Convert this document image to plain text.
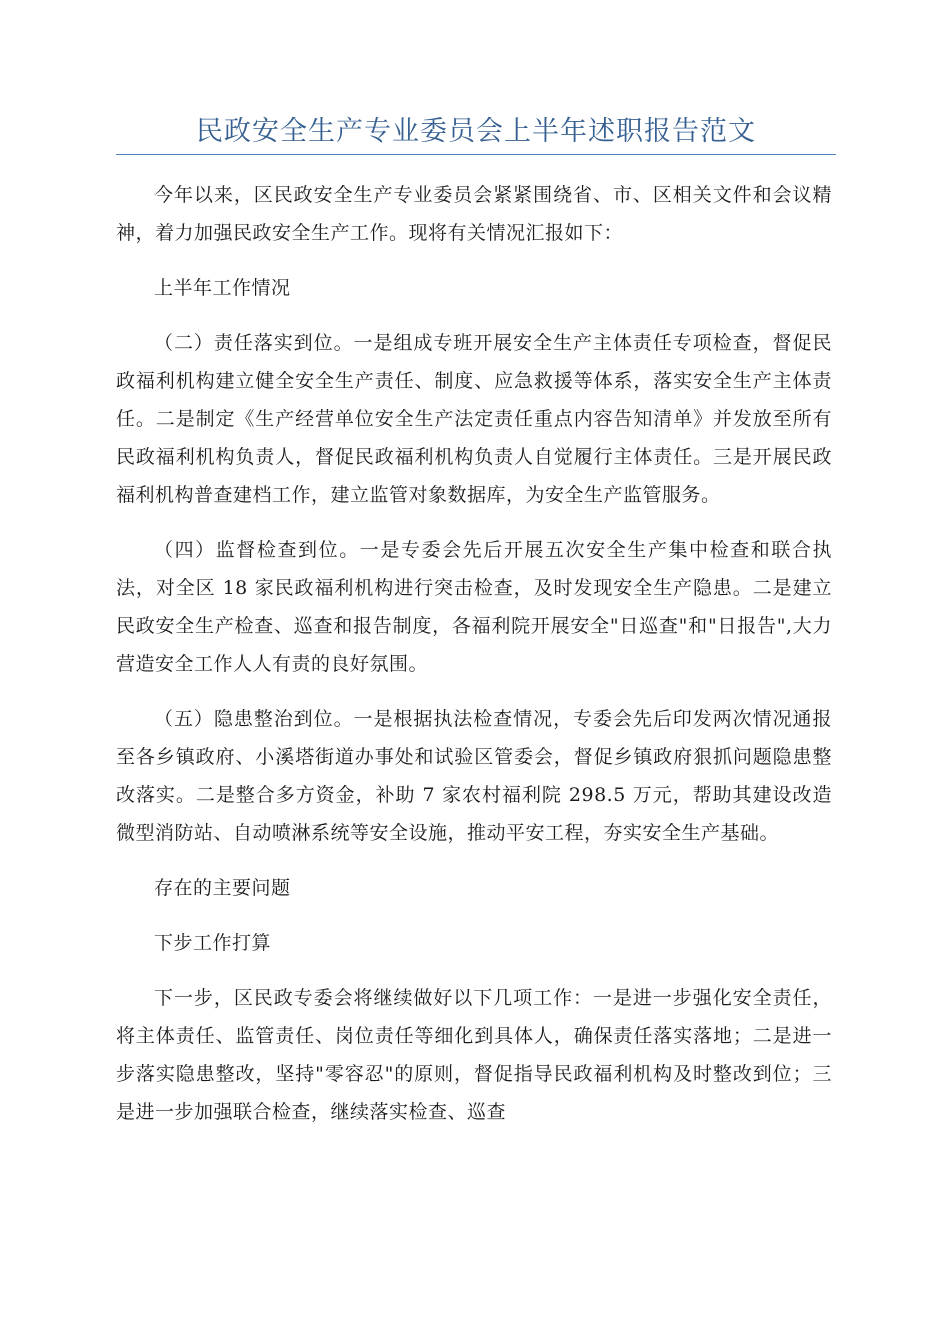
民政安全生产专业委员会上半年述职报告范文

今年以来，区民政安全生产专业委员会紧紧围绕省、市、区相关文件和会议精神，着力加强民政安全生产工作。现将有关情况汇报如下：

上半年工作情况

（二）责任落实到位。一是组成专班开展安全生产主体责任专项检查，督促民政福利机构建立健全安全生产责任、制度、应急救援等体系，落实安全生产主体责任。二是制定《生产经营单位安全生产法定责任重点内容告知清单》并发放至所有民政福利机构负责人，督促民政福利机构负责人自觉履行主体责任。三是开展民政福利机构普查建档工作，建立监管对象数据库，为安全生产监管服务。

（四）监督检查到位。一是专委会先后开展五次安全生产集中检查和联合执法，对全区 18 家民政福利机构进行突击检查，及时发现安全生产隐患。二是建立民政安全生产检查、巡查和报告制度，各福利院开展安全"日巡查"和"日报告",大力营造安全工作人人有责的良好氛围。

（五）隐患整治到位。一是根据执法检查情况，专委会先后印发两次情况通报至各乡镇政府、小溪塔街道办事处和试验区管委会，督促乡镇政府狠抓问题隐患整改落实。二是整合多方资金，补助 7 家农村福利院 298.5 万元，帮助其建设改造微型消防站、自动喷淋系统等安全设施，推动平安工程，夯实安全生产基础。

存在的主要问题

下步工作打算

下一步，区民政专委会将继续做好以下几项工作：一是进一步强化安全责任，将主体责任、监管责任、岗位责任等细化到具体人，确保责任落实落地；二是进一步落实隐患整改，坚持"零容忍"的原则，督促指导民政福利机构及时整改到位；三是进一步加强联合检查，继续落实检查、巡查
